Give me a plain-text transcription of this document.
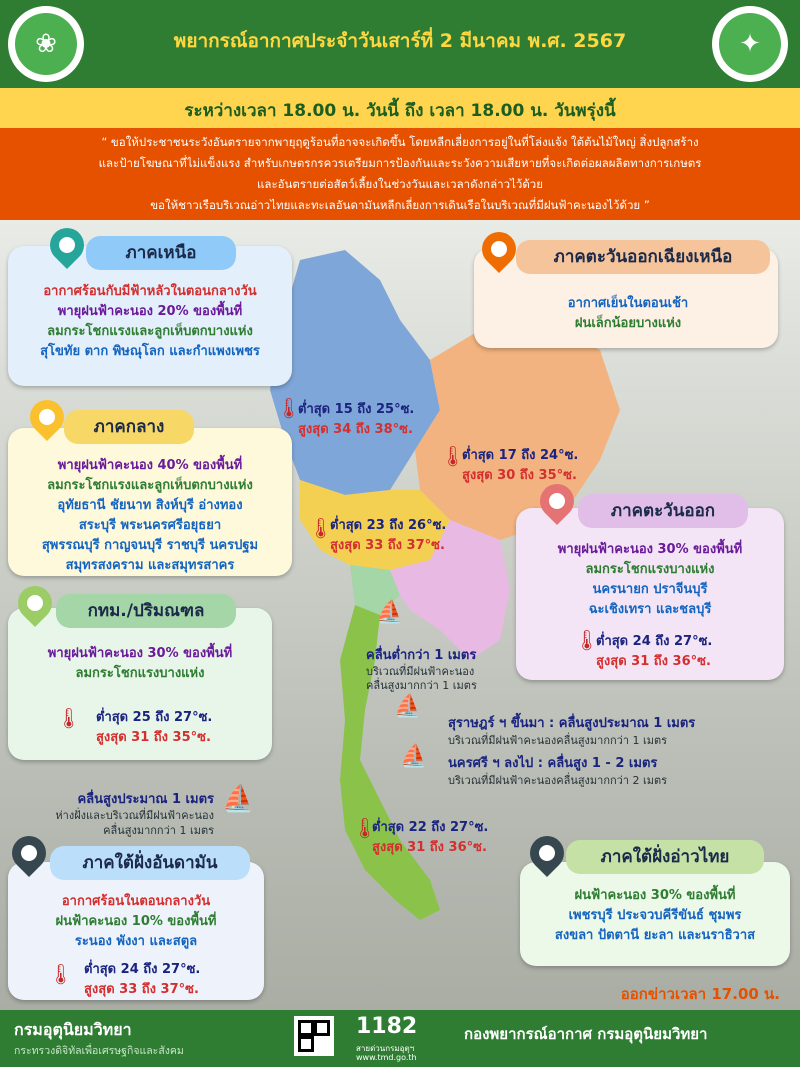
❀	✦
พยากรณ์อากาศประจำวันเสาร์ที่ 2 มีนาคม พ.ศ. 2567
ระหว่างเวลา 18.00 น. วันนี้ ถึง เวลา 18.00 น. วันพรุ่งนี้
“ ขอให้ประชาชนระวังอันตรายจากพายุฤดูร้อนที่อาจจะเกิดขึ้น โดยหลีกเลี่ยงการอยู่ในที่โล่งแจ้ง ใต้ต้นไม้ใหญ่ สิ่งปลูกสร้าง
และป้ายโฆษณาที่ไม่แข็งแรง สำหรับเกษตรกรควรเตรียมการป้องกันและระวังความเสียหายที่จะเกิดต่อผลผลิตทางการเกษตร
และอันตรายต่อสัตว์เลี้ยงในช่วงวันและเวลาดังกล่าวไว้ด้วย
ขอให้ชาวเรือบริเวณอ่าวไทยและทะเลอันดามันหลีกเลี่ยงการเดินเรือในบริเวณที่มีฝนฟ้าคะนองไว้ด้วย ”
ภาคเหนือ
อากาศร้อนกับมีฟ้าหลัวในตอนกลางวัน
พายุฝนฟ้าคะนอง 20% ของพื้นที่
ลมกระโชกแรงและลูกเห็บตกบางแห่ง
สุโขทัย ตาก พิษณุโลก และกำแพงเพชร
🌡
ต่ำสุด 15 ถึง 25°ซ.
สูงสุด 34 ถึง 38°ซ.
ภาคตะวันออกเฉียงเหนือ
อากาศเย็นในตอนเช้า
ฝนเล็กน้อยบางแห่ง
🌡
ต่ำสุด 17 ถึง 24°ซ.
สูงสุด 30 ถึง 35°ซ.
ภาคกลาง
พายุฝนฟ้าคะนอง 40% ของพื้นที่
ลมกระโชกแรงและลูกเห็บตกบางแห่ง
อุทัยธานี ชัยนาท สิงห์บุรี อ่างทอง
สระบุรี พระนครศรีอยุธยา
สุพรรณบุรี กาญจนบุรี ราชบุรี นครปฐม
สมุทรสงคราม และสมุทรสาคร
🌡
ต่ำสุด 23 ถึง 26°ซ.
สูงสุด 33 ถึง 37°ซ.
ภาคตะวันออก
พายุฝนฟ้าคะนอง 30% ของพื้นที่
ลมกระโชกแรงบางแห่ง
นครนายก ปราจีนบุรี
ฉะเชิงเทรา และชลบุรี
🌡
ต่ำสุด 24 ถึง 27°ซ.
สูงสุด 31 ถึง 36°ซ.
กทม./ปริมณฑล
พายุฝนฟ้าคะนอง 30% ของพื้นที่
ลมกระโชกแรงบางแห่ง
🌡 ต่ำสุด 25 ถึง 27°ซ.
สูงสุด 31 ถึง 35°ซ.
⛵
คลื่นต่ำกว่า 1 เมตร
บริเวณที่มีฝนฟ้าคะนอง
คลื่นสูงมากกว่า 1 เมตร
⛵
สุราษฎร์ ฯ ขึ้นมา : คลื่นสูงประมาณ 1 เมตร
บริเวณที่มีฝนฟ้าคะนองคลื่นสูงมากกว่า 1 เมตร
⛵ นครศรี ฯ ลงไป : คลื่นสูง 1 - 2 เมตร
บริเวณที่มีฝนฟ้าคะนองคลื่นสูงมากกว่า 2 เมตร
คลื่นสูงประมาณ 1 เมตร
ห่างฝั่งและบริเวณที่มีฝนฟ้าคะนอง
คลื่นสูงมากกว่า 1 เมตร
⛵
🌡
ต่ำสุด 22 ถึง 27°ซ.
สูงสุด 31 ถึง 36°ซ.
ภาคใต้ฝั่งอันดามัน
อากาศร้อนในตอนกลางวัน
ฝนฟ้าคะนอง 10% ของพื้นที่
ระนอง พังงา และสตูล
🌡 ต่ำสุด 24 ถึง 27°ซ.
สูงสุด 33 ถึง 37°ซ.
ภาคใต้ฝั่งอ่าวไทย
ฝนฟ้าคะนอง 30% ของพื้นที่
เพชรบุรี ประจวบคีรีขันธ์ ชุมพร
สงขลา ปัตตานี ยะลา และนราธิวาส
ออกข่าวเวลา 17.00 น.
กรมอุตุนิยมวิทยา
กระทรวงดิจิทัลเพื่อเศรษฐกิจและสังคม
1182
สายด่วนกรมอุตุฯ
www.tmd.go.th
กองพยากรณ์อากาศ กรมอุตุนิยมวิทยา
